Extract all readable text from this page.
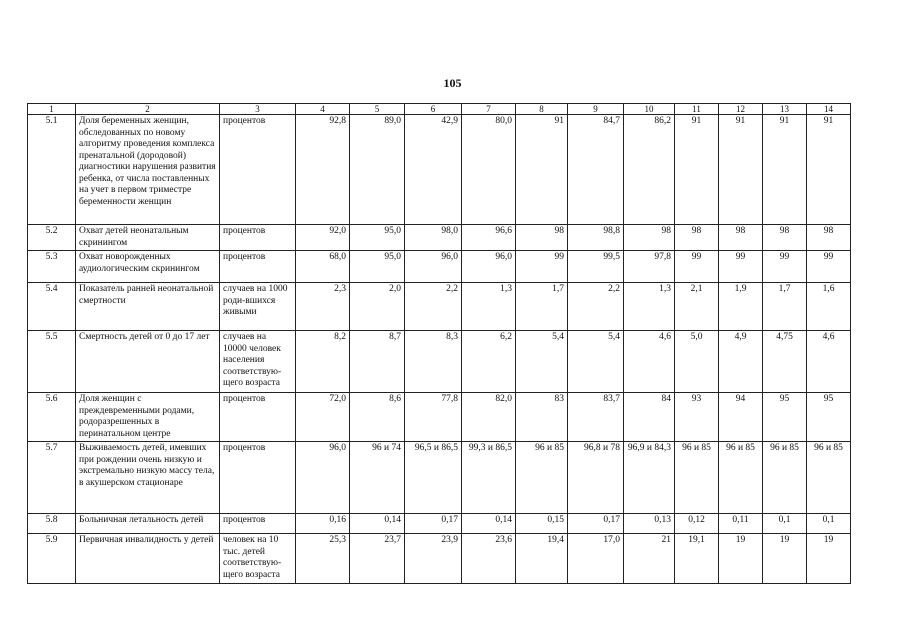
105
1	2	3	4	5	6	7	8	9	10	11	12	13	14
5.1	Доля беременных женщин, обследованных по новому алгоритму проведения комплекса пренатальной (дородовой) диагностики нарушения развития ребенка, от числа поставленных на учет в первом триместре беременности женщин	процентов	92,8	89,0	42,9	80,0	91	84,7	86,2	91	91	91	91
5.2	Охват детей неонатальным скринингом	процентов	92,0	95,0	98,0	96,6	98	98,8	98	98	98	98	98
5.3	Охват новорожденных аудиологическим скринингом	процентов	68,0	95,0	96,0	96,0	99	99,5	97,8	99	99	99	99
5.4	Показатель ранней неонатальной смертности	случаев на 1000 роди-вшихся живыми	2,3	2,0	2,2	1,3	1,7	2,2	1,3	2,1	1,9	1,7	1,6
5.5	Смертность детей от 0 до 17 лет	случаев на 10000 человек населения соответствую-щего возраста	8,2	8,7	8,3	6,2	5,4	5,4	4,6	5,0	4,9	4,75	4,6
5.6	Доля женщин с преждевременными родами, родоразрешенных в перинатальном центре	процентов	72,0	8,6	77,8	82,0	83	83,7	84	93	94	95	95
5.7	Выживаемость детей, имевших при рождении очень низкую и экстремально низкую массу тела, в акушерском стационаре	процентов	96,0	96 и 74	96,5 и 86,5	99,3 и 86,5	96 и 85	96,8 и 78	96,9 и 84,3	96 и 85	96 и 85	96 и 85	96 и 85
5.8	Больничная летальность детей	процентов	0,16	0,14	0,17	0,14	0,15	0,17	0,13	0,12	0,11	0,1	0,1
5.9	Первичная инвалидность у детей	человек на 10 тыс. детей соответствую-щего возраста	25,3	23,7	23,9	23,6	19,4	17,0	21	19,1	19	19	19
